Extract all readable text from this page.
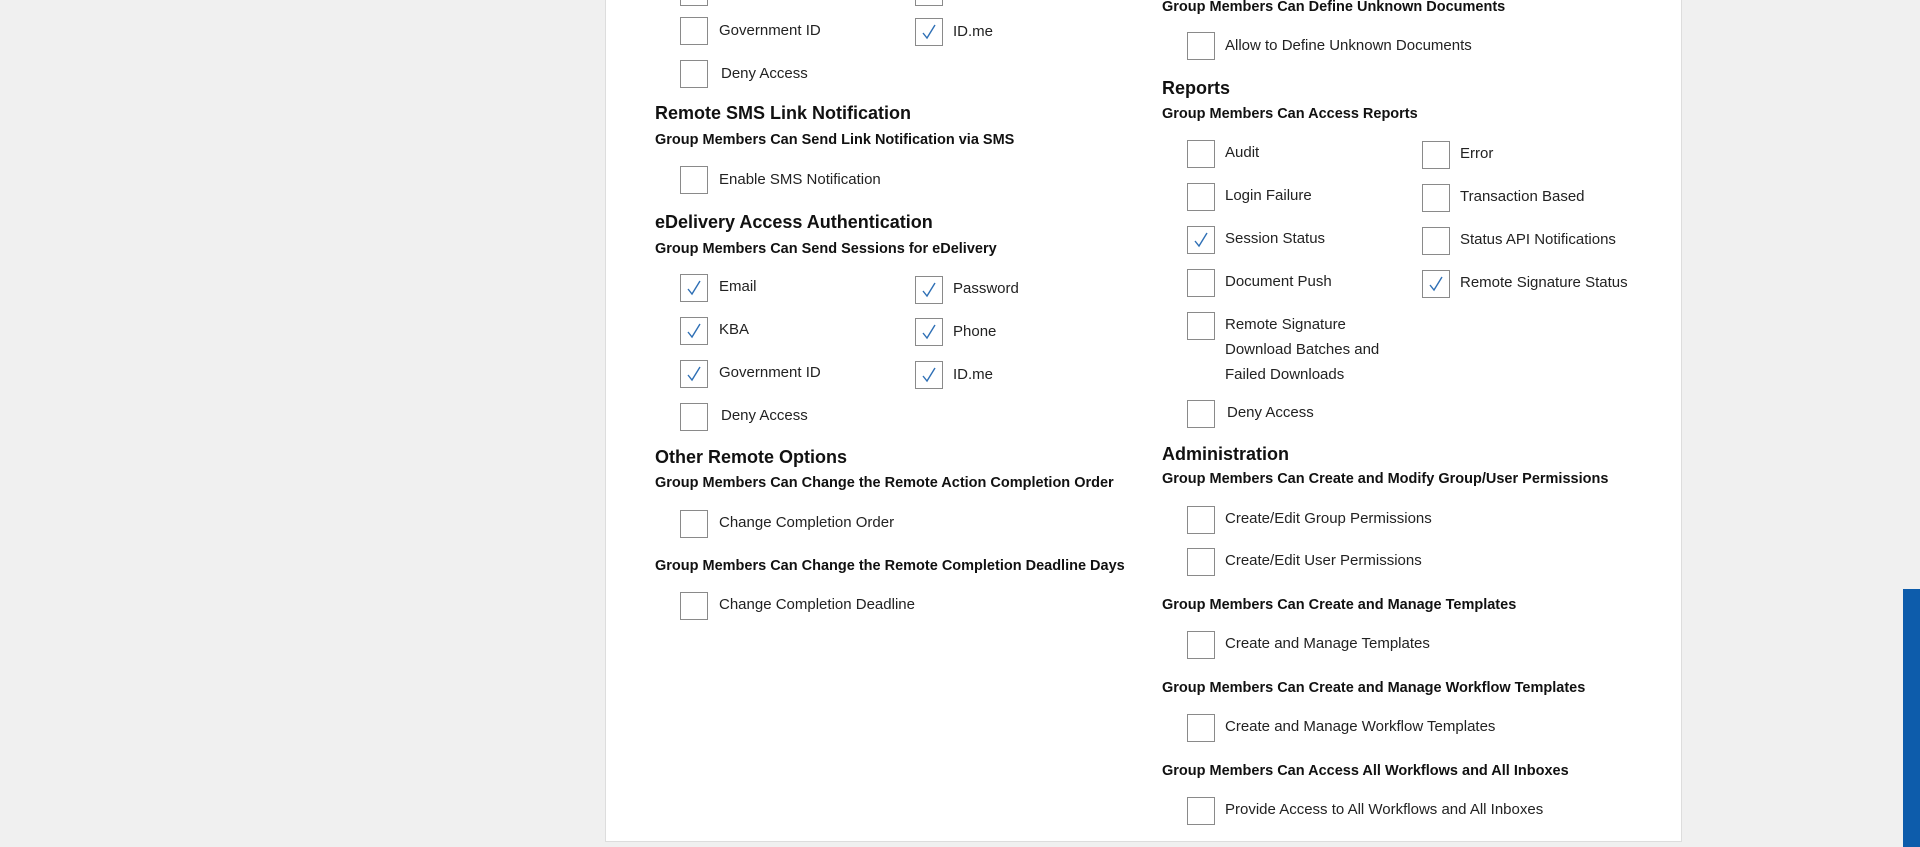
Government ID	ID.me
Deny Access
Remote SMS Link Notification
Group Members Can Send Link Notification via SMS
Enable SMS Notification
eDelivery Access Authentication
Group Members Can Send Sessions for eDelivery
Email	Password
KBA	Phone
Government ID	ID.me
Deny Access
Other Remote Options
Group Members Can Change the Remote Action Completion Order
Change Completion Order
Group Members Can Change the Remote Completion Deadline Days
Change Completion Deadline
Group Members Can Define Unknown Documents
Allow to Define Unknown Documents
Reports
Group Members Can Access Reports
Audit	Error
Login Failure	Transaction Based
Session Status	Status API Notifications
Document Push	Remote Signature Status
Remote Signature
Download Batches and
Failed Downloads
Deny Access
Administration
Group Members Can Create and Modify Group/User Permissions
Create/Edit Group Permissions
Create/Edit User Permissions
Group Members Can Create and Manage Templates
Create and Manage Templates
Group Members Can Create and Manage Workflow Templates
Create and Manage Workflow Templates
Group Members Can Access All Workflows and All Inboxes
Provide Access to All Workflows and All Inboxes
